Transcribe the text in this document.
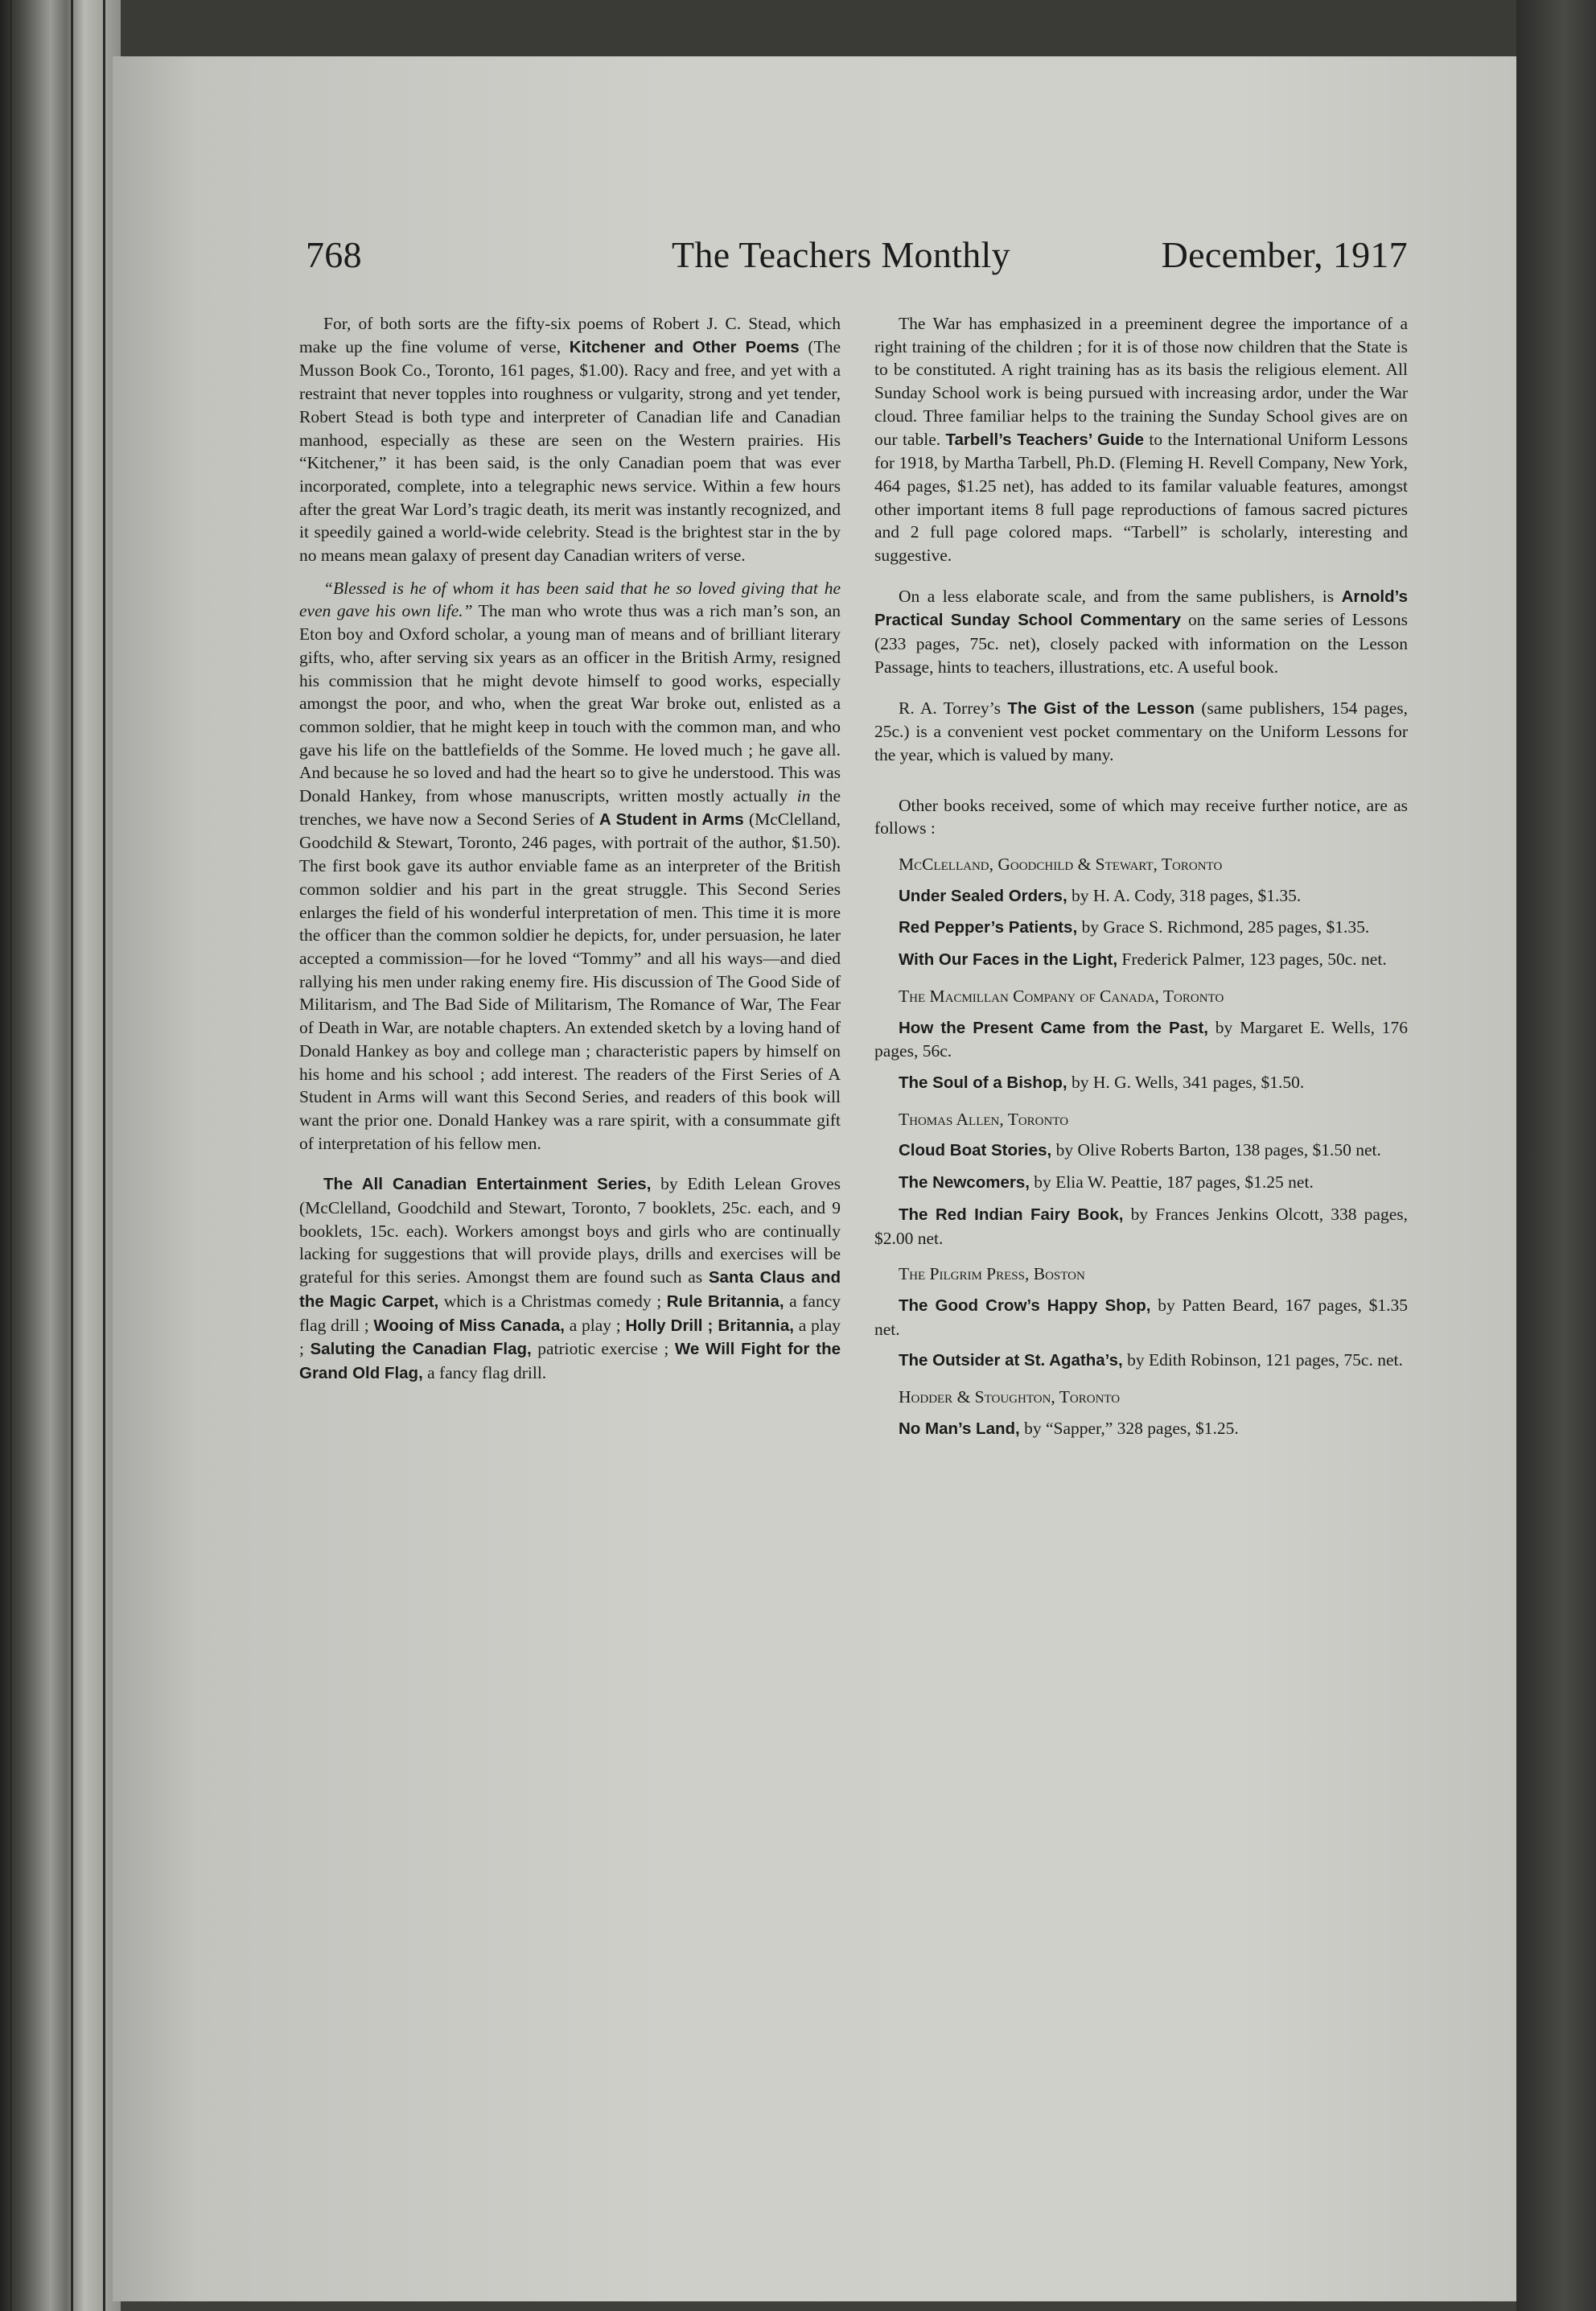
768	The Teachers Monthly	December, 1917

For, of both sorts are the fifty-six poems of Robert J. C. Stead, which make up the fine volume of verse, Kitchener and Other Poems (The Musson Book Co., Toronto, 161 pages, $1.00). Racy and free, and yet with a restraint that never topples into roughness or vulgarity, strong and yet tender, Robert Stead is both type and interpreter of Canadian life and Canadian manhood, especially as these are seen on the Western prairies. His “Kitchener,” it has been said, is the only Canadian poem that was ever incorporated, complete, into a telegraphic news service. Within a few hours after the great War Lord’s tragic death, its merit was instantly recognized, and it speedily gained a world-wide celebrity. Stead is the brightest star in the by no means mean galaxy of present day Canadian writers of verse.

“Blessed is he of whom it has been said that he so loved giving that he even gave his own life.” The man who wrote thus was a rich man’s son, an Eton boy and Oxford scholar, a young man of means and of brilliant literary gifts, who, after serving six years as an officer in the British Army, resigned his commission that he might devote himself to good works, especially amongst the poor, and who, when the great War broke out, enlisted as a common soldier, that he might keep in touch with the common man, and who gave his life on the battlefields of the Somme. He loved much ; he gave all. And because he so loved and had the heart so to give he understood. This was Donald Hankey, from whose manuscripts, written mostly actually in the trenches, we have now a Second Series of A Student in Arms (McClelland, Goodchild & Stewart, Toronto, 246 pages, with portrait of the author, $1.50). The first book gave its author enviable fame as an interpreter of the British common soldier and his part in the great struggle. This Second Series enlarges the field of his wonderful interpretation of men. This time it is more the officer than the common soldier he depicts, for, under persuasion, he later accepted a commission—for he loved “Tommy” and all his ways—and died rallying his men under raking enemy fire. His discussion of The Good Side of Militarism, and The Bad Side of Militarism, The Romance of War, The Fear of Death in War, are notable chapters. An extended sketch by a loving hand of Donald Hankey as boy and college man ; characteristic papers by himself on his home and his school ; add interest. The readers of the First Series of A Student in Arms will want this Second Series, and readers of this book will want the prior one. Donald Hankey was a rare spirit, with a consummate gift of interpretation of his fellow men.

The All Canadian Entertainment Series, by Edith Lelean Groves (McClelland, Goodchild and Stewart, Toronto, 7 booklets, 25c. each, and 9 booklets, 15c. each). Workers amongst boys and girls who are continually lacking for suggestions that will provide plays, drills and exercises will be grateful for this series. Amongst them are found such as Santa Claus and the Magic Carpet, which is a Christmas comedy ; Rule Britannia, a fancy flag drill ; Wooing of Miss Canada, a play ; Holly Drill ; Britannia, a play ; Saluting the Canadian Flag, patriotic exercise ; We Will Fight for the Grand Old Flag, a fancy flag drill.

The War has emphasized in a preeminent degree the importance of a right training of the children ; for it is of those now children that the State is to be constituted. A right training has as its basis the religious element. All Sunday School work is being pursued with increasing ardor, under the War cloud. Three familiar helps to the training the Sunday School gives are on our table. Tarbell’s Teachers’ Guide to the International Uniform Lessons for 1918, by Martha Tarbell, Ph.D. (Fleming H. Revell Company, New York, 464 pages, $1.25 net), has added to its familar valuable features, amongst other important items 8 full page reproductions of famous sacred pictures and 2 full page colored maps. “Tarbell” is scholarly, interesting and suggestive.

On a less elaborate scale, and from the same publishers, is Arnold’s Practical Sunday School Commentary on the same series of Lessons (233 pages, 75c. net), closely packed with information on the Lesson Passage, hints to teachers, illustrations, etc. A useful book.

R. A. Torrey’s The Gist of the Lesson (same publishers, 154 pages, 25c.) is a convenient vest pocket commentary on the Uniform Lessons for the year, which is valued by many.

Other books received, some of which may receive further notice, are as follows :

McClelland, Goodchild & Stewart, Toronto

Under Sealed Orders, by H. A. Cody, 318 pages, $1.35.

Red Pepper’s Patients, by Grace S. Richmond, 285 pages, $1.35.

With Our Faces in the Light, Frederick Palmer, 123 pages, 50c. net.

The Macmillan Company of Canada, Toronto

How the Present Came from the Past, by Margaret E. Wells, 176 pages, 56c.

The Soul of a Bishop, by H. G. Wells, 341 pages, $1.50.

Thomas Allen, Toronto

Cloud Boat Stories, by Olive Roberts Barton, 138 pages, $1.50 net.

The Newcomers, by Elia W. Peattie, 187 pages, $1.25 net.

The Red Indian Fairy Book, by Frances Jenkins Olcott, 338 pages, $2.00 net.

The Pilgrim Press, Boston

The Good Crow’s Happy Shop, by Patten Beard, 167 pages, $1.35 net.

The Outsider at St. Agatha’s, by Edith Robinson, 121 pages, 75c. net.

Hodder & Stoughton, Toronto

No Man’s Land, by “Sapper,” 328 pages, $1.25.
